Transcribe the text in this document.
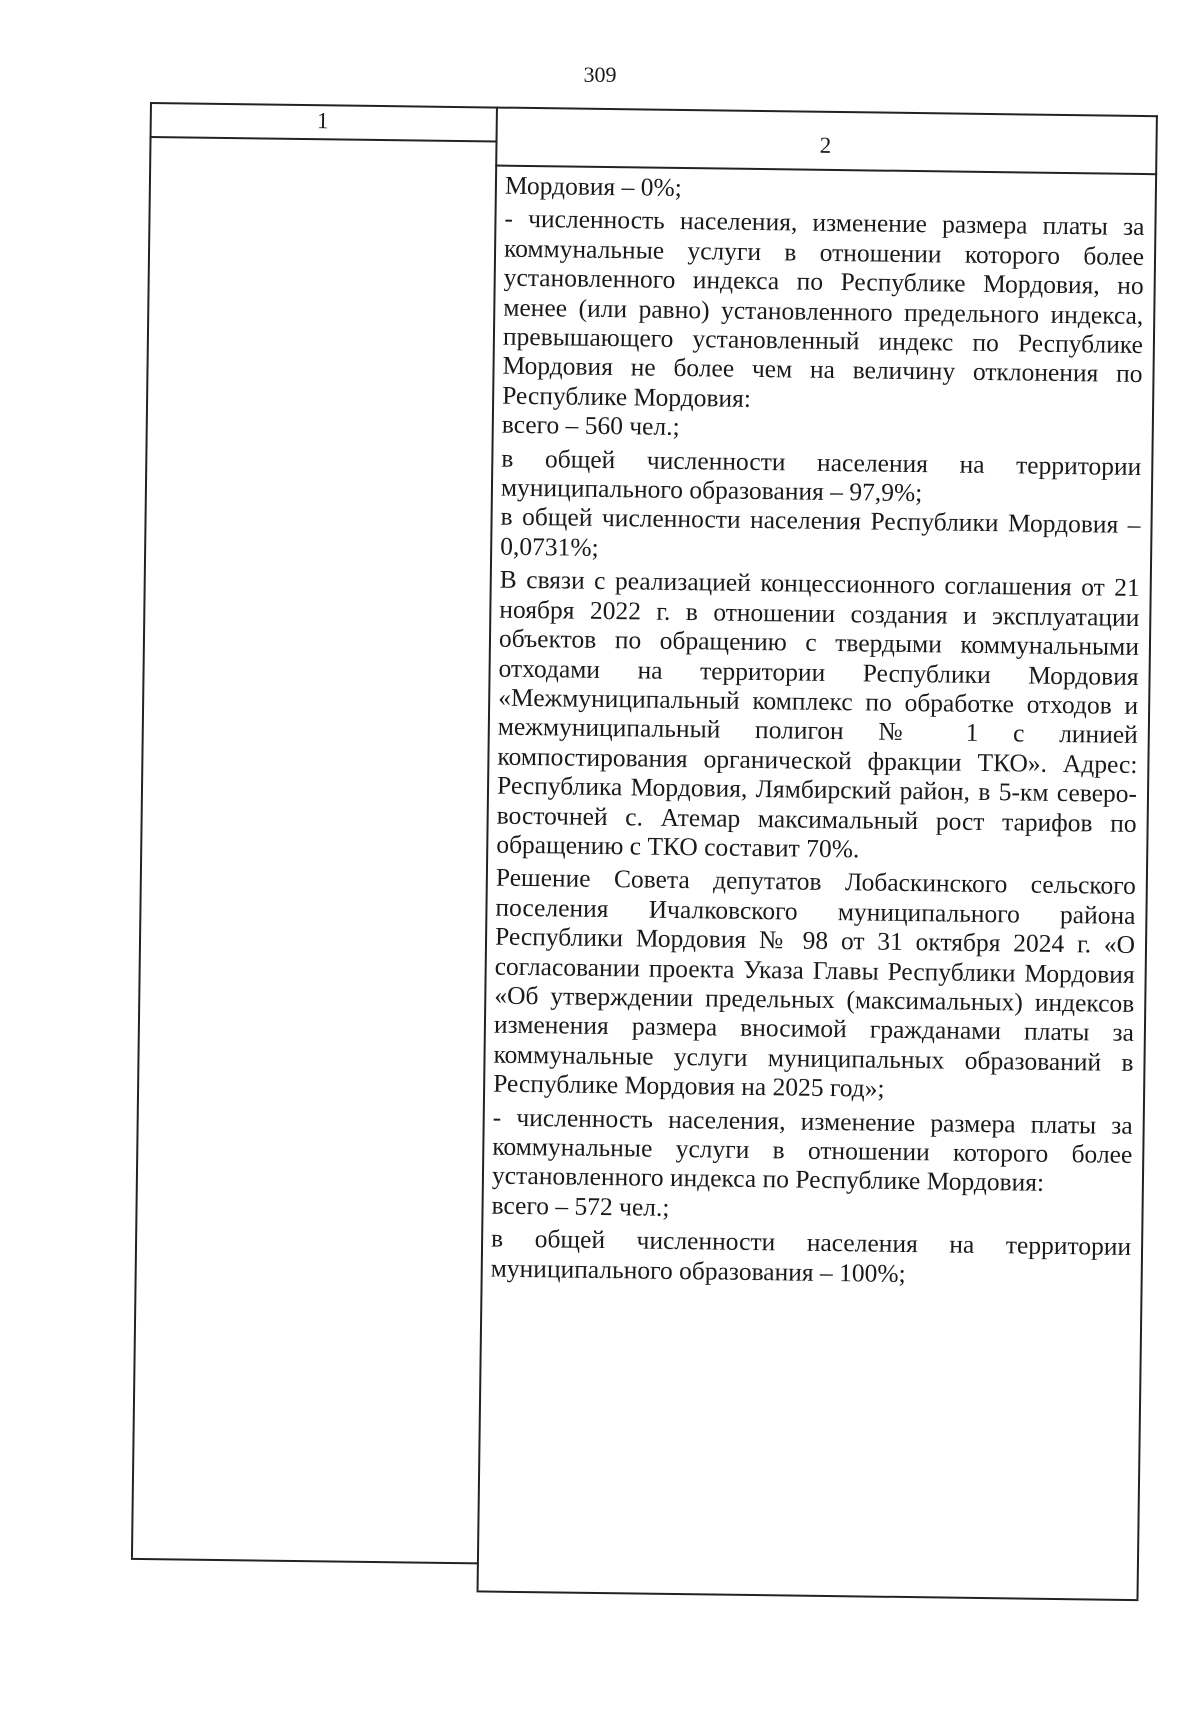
309
1
2

Мордовия – 0%;

- численность населения, изменение размера платы за коммунальные услуги в отношении которого более установленного индекса по Республике Мордовия, но менее (или равно) установленного предельного индекса, превышающего установленный индекс по Республике Мордовия не более чем на величину отклонения по Республике Мордовия:

всего – 560 чел.;

в общей численности населения на территории муниципального образования – 97,9%;

в общей численности населения Республики Мордовия – 0,0731%;

В связи с реализацией концессионного соглашения от 21 ноября 2022 г. в отношении создания и эксплуатации объектов по обращению с твердыми коммунальными отходами на территории Республики Мордовия «Межмуниципальный комплекс по обработке отходов и межмуниципальный полигон № 1 с линией компостирования органической фракции ТКО». Адрес: Республика Мордовия, Лямбирский район, в 5-км северо-восточней с. Атемар максимальный рост тарифов по обращению с ТКО составит 70%.

Решение Совета депутатов Лобаскинского сельского поселения Ичалковского муниципального района Республики Мордовия № 98 от 31 октября 2024 г. «О согласовании проекта Указа Главы Республики Мордовия «Об утверждении предельных (максимальных) индексов изменения размера вносимой гражданами платы за коммунальные услуги муниципальных образований в Республике Мордовия на 2025 год»;

- численность населения, изменение размера платы за коммунальные услуги в отношении которого более установленного индекса по Республике Мордовия:

всего – 572 чел.;

в общей численности населения на территории муниципального образования – 100%;
